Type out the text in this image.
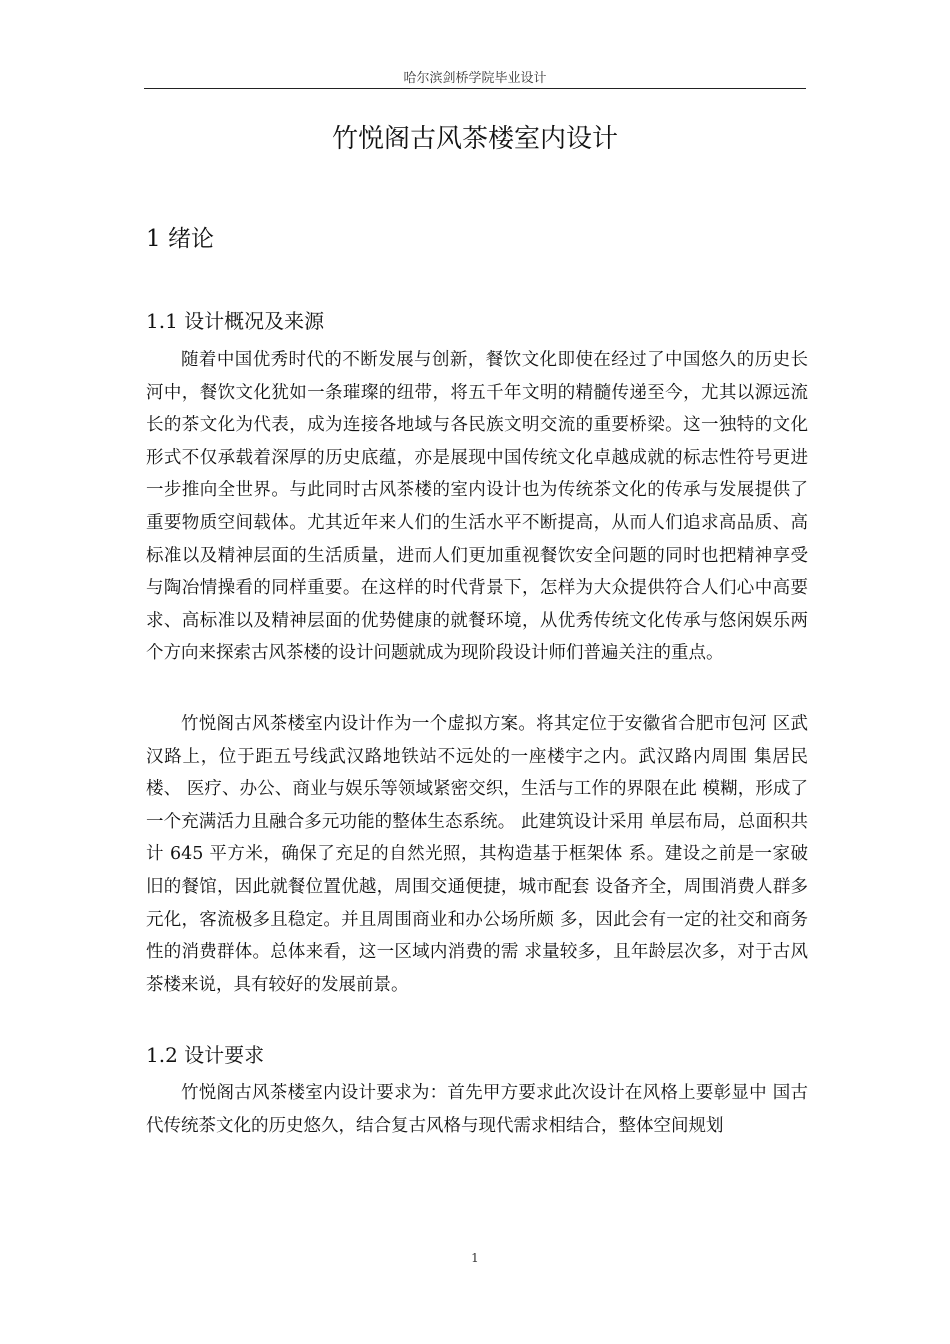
哈尔滨剑桥学院毕业设计
竹悦阁古风茶楼室内设计
1 绪论
1.1 设计概况及来源

随着中国优秀时代的不断发展与创新，餐饮文化即使在经过了中国悠久的历史长河中，餐饮文化犹如一条璀璨的纽带，将五千年文明的精髓传递至今，尤其以源远流长的茶文化为代表，成为连接各地域与各民族文明交流的重要桥梁。这一独特的文化形式不仅承载着深厚的历史底蕴，亦是展现中国传统文化卓越成就的标志性符号更进一步推向全世界。与此同时古风茶楼的室内设计也为传统茶文化的传承与发展提供了重要物质空间载体。尤其近年来人们的生活水平不断提高，从而人们追求高品质、高标准以及精神层面的生活质量，进而人们更加重视餐饮安全问题的同时也把精神享受与陶冶情操看的同样重要。在这样的时代背景下，怎样为大众提供符合人们心中高要求、高标准以及精神层面的优势健康的就餐环境，从优秀传统文化传承与悠闲娱乐两个方向来探索古风茶楼的设计问题就成为现阶段设计师们普遍关注的重点。

竹悦阁古风茶楼室内设计作为一个虚拟方案。将其定位于安徽省合肥市包河 区武汉路上，位于距五号线武汉路地铁站不远处的一座楼宇之内。武汉路内周围 集居民楼、 医疗、办公、商业与娱乐等领域紧密交织，生活与工作的界限在此 模糊，形成了一个充满活力且融合多元功能的整体生态系统。 此建筑设计采用 单层布局，总面积共计 645 平方米，确保了充足的自然光照，其构造基于框架体 系。建设之前是一家破旧的餐馆，因此就餐位置优越，周围交通便捷，城市配套 设备齐全，周围消费人群多元化，客流极多且稳定。并且周围商业和办公场所颇 多，因此会有一定的社交和商务性的消费群体。总体来看，这一区域内消费的需 求量较多，且年龄层次多，对于古风茶楼来说，具有较好的发展前景。

1.2 设计要求

竹悦阁古风茶楼室内设计要求为：首先甲方要求此次设计在风格上要彰显中 国古代传统茶文化的历史悠久，结合复古风格与现代需求相结合，整体空间规划

1
